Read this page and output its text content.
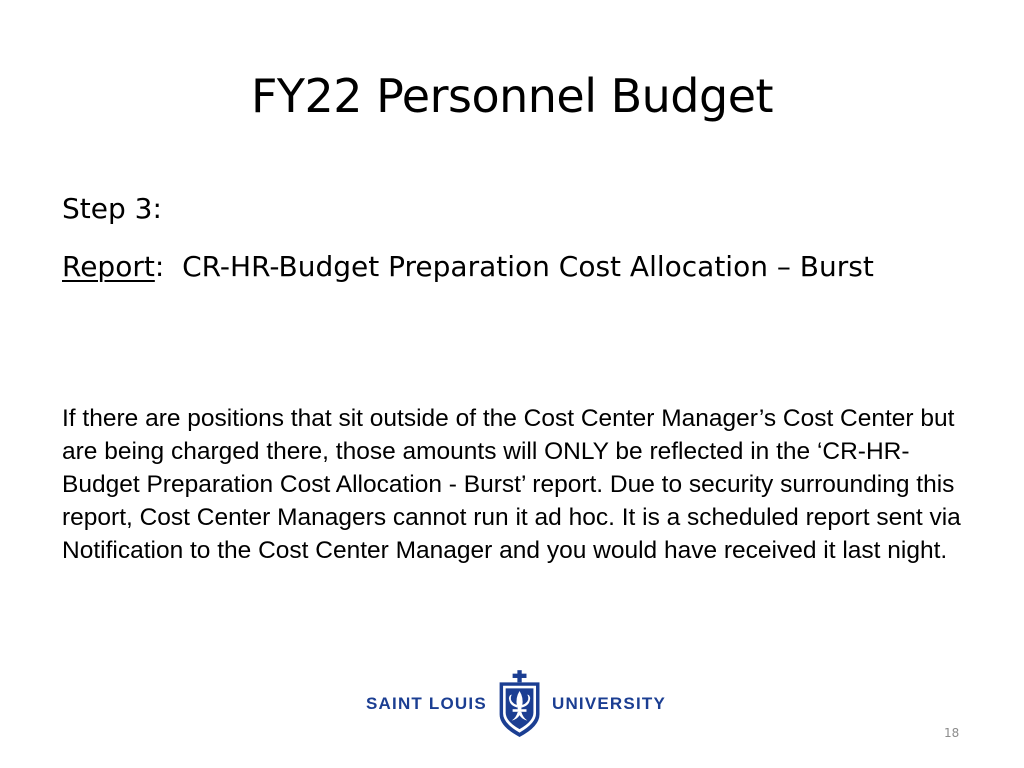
FY22 Personnel Budget
Step 3:
Report:  CR-HR-Budget Preparation Cost Allocation – Burst

If there are positions that sit outside of the Cost Center Manager’s Cost Center but are being charged there, those amounts will ONLY be reflected in the ‘CR-HR-Budget Preparation Cost Allocation - Burst’ report. Due to security surrounding this report, Cost Center Managers cannot run it ad hoc. It is a scheduled report sent via Notification to the Cost Center Manager and you would have received it last night.

SAINT LOUIS	UNIVERSITY
18
